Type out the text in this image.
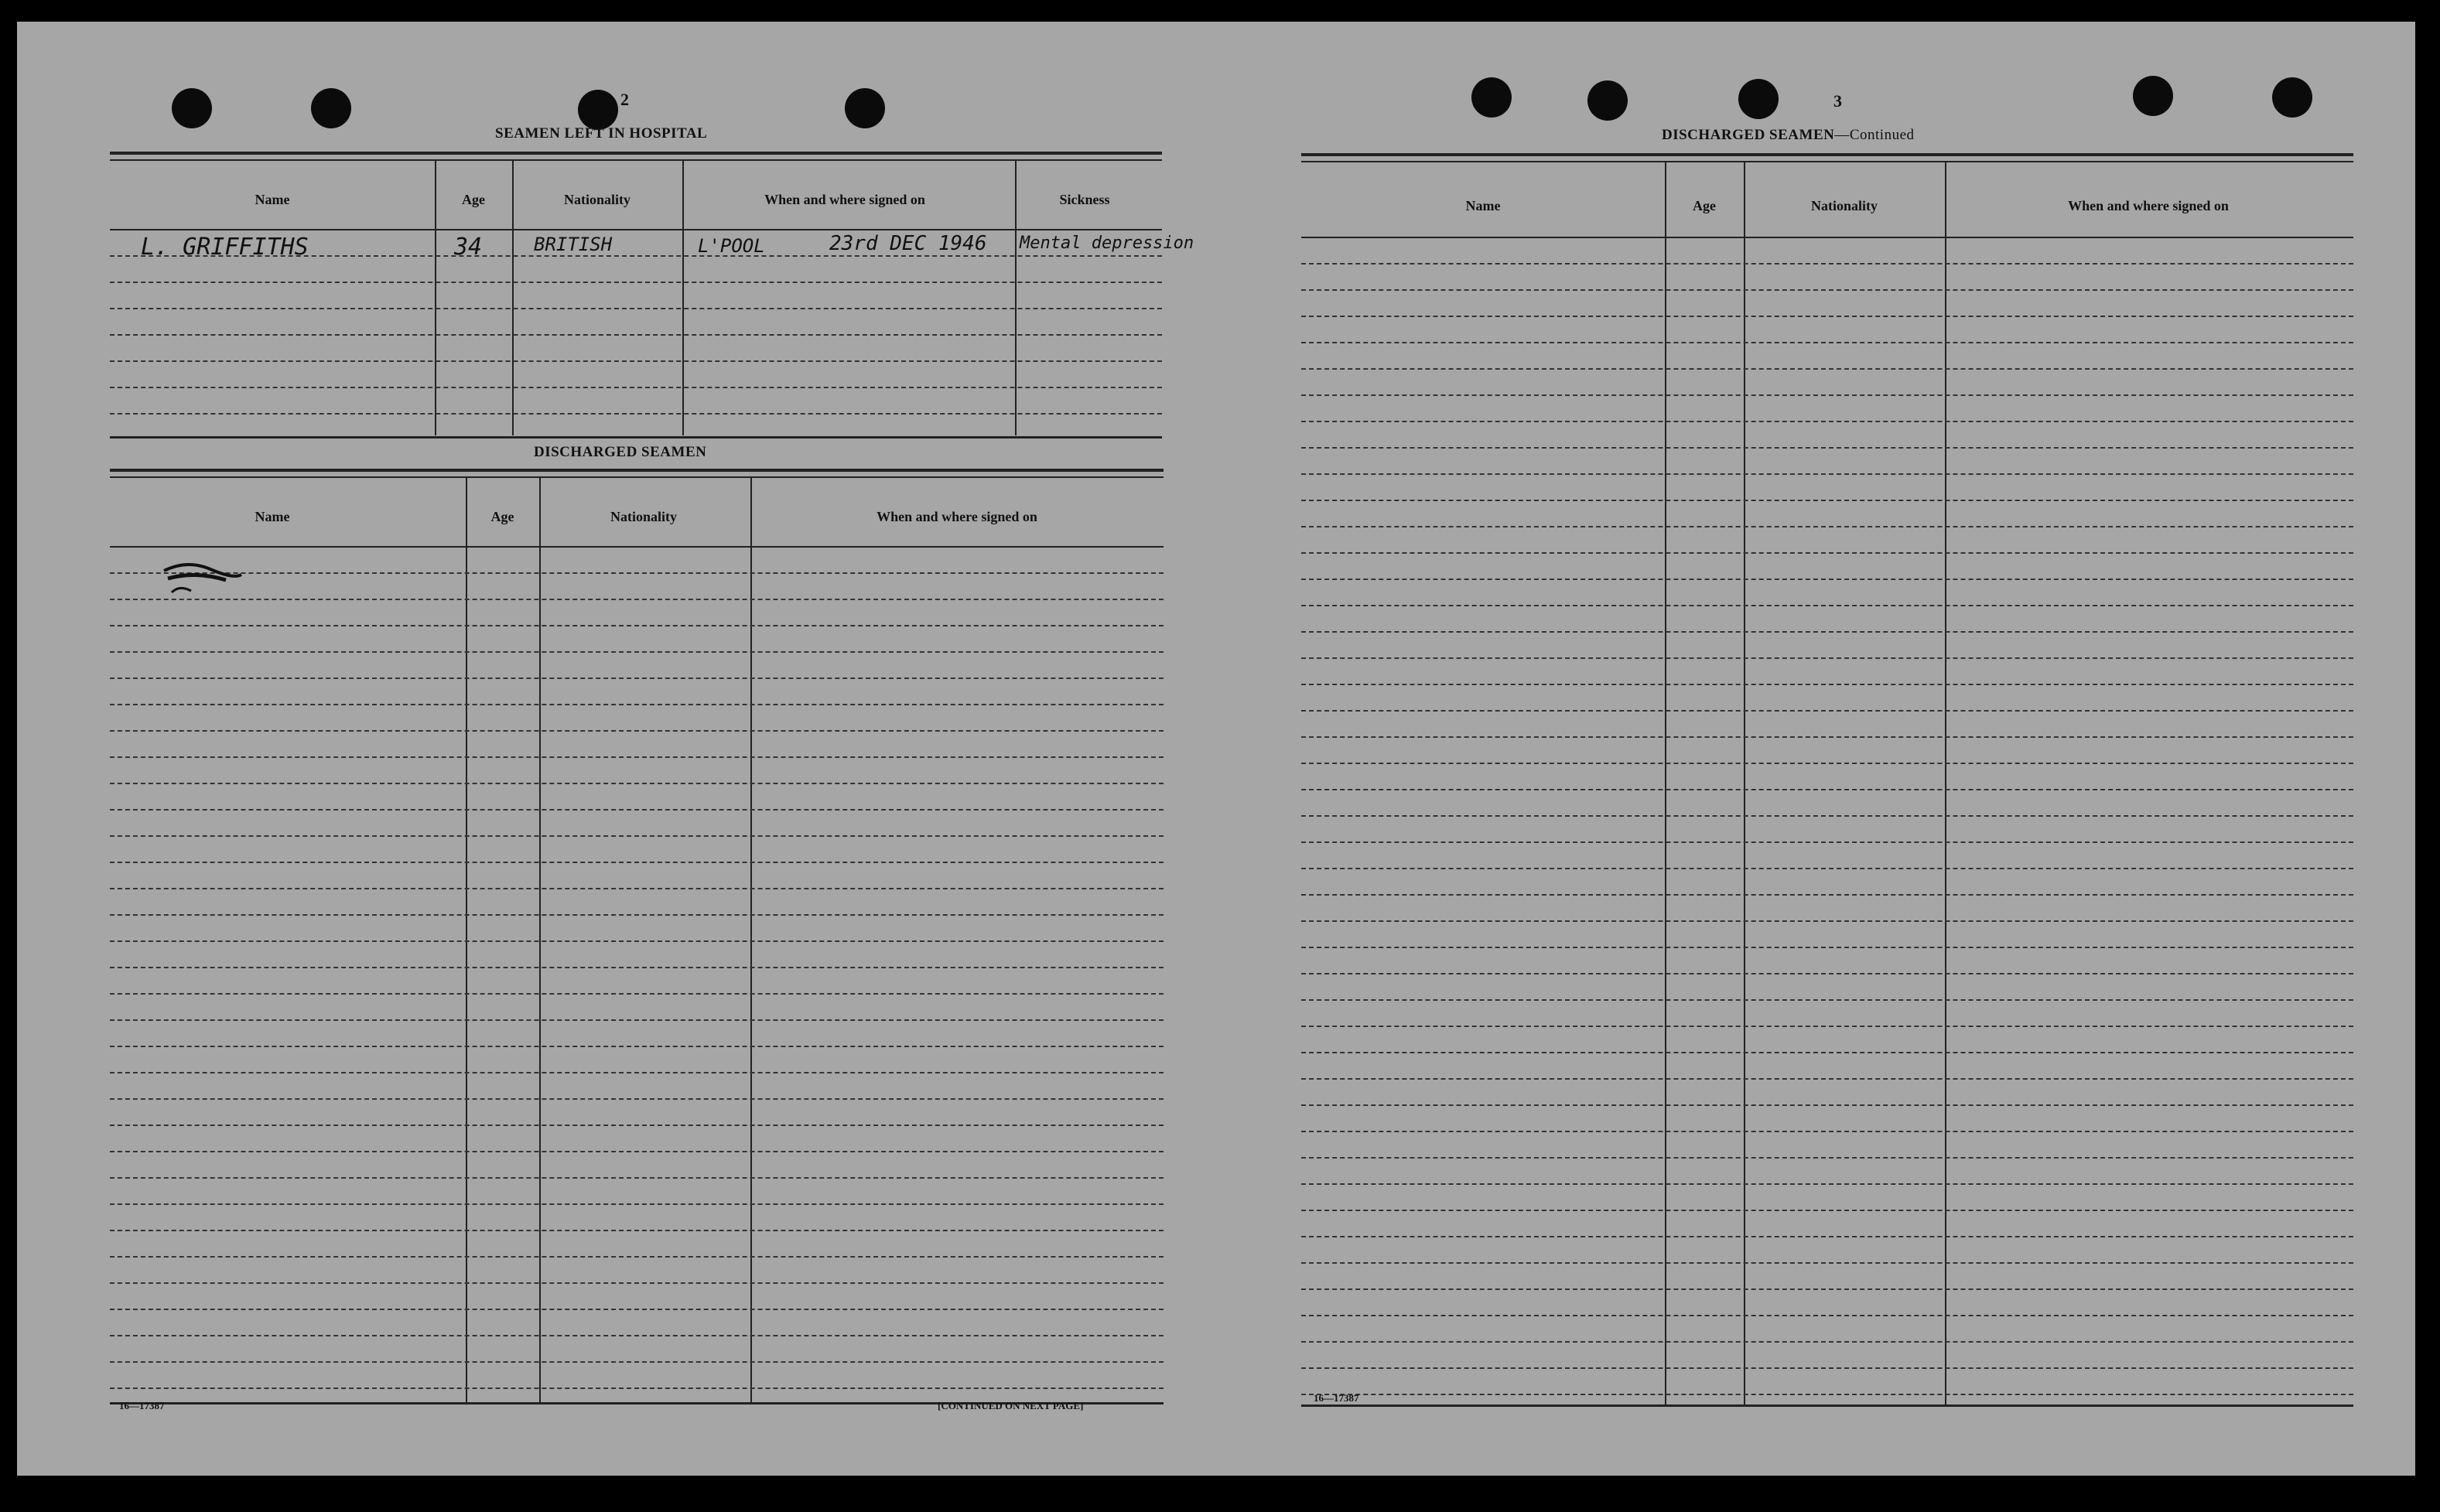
2
SEAMEN LEFT IN HOSPITAL
Name	Age	Nationality	When and where signed on	Sickness
L. GRIFFITHS	34	BRITISH	L'POOL	23rd DEC 1946 Mental depression
DISCHARGED SEAMEN
Name	Age	Nationality	When and where signed on
16—17387	[CONTINUED ON NEXT PAGE]
3
DISCHARGED SEAMEN—Continued
Name	Age	Nationality	When and where signed on
16—17387
